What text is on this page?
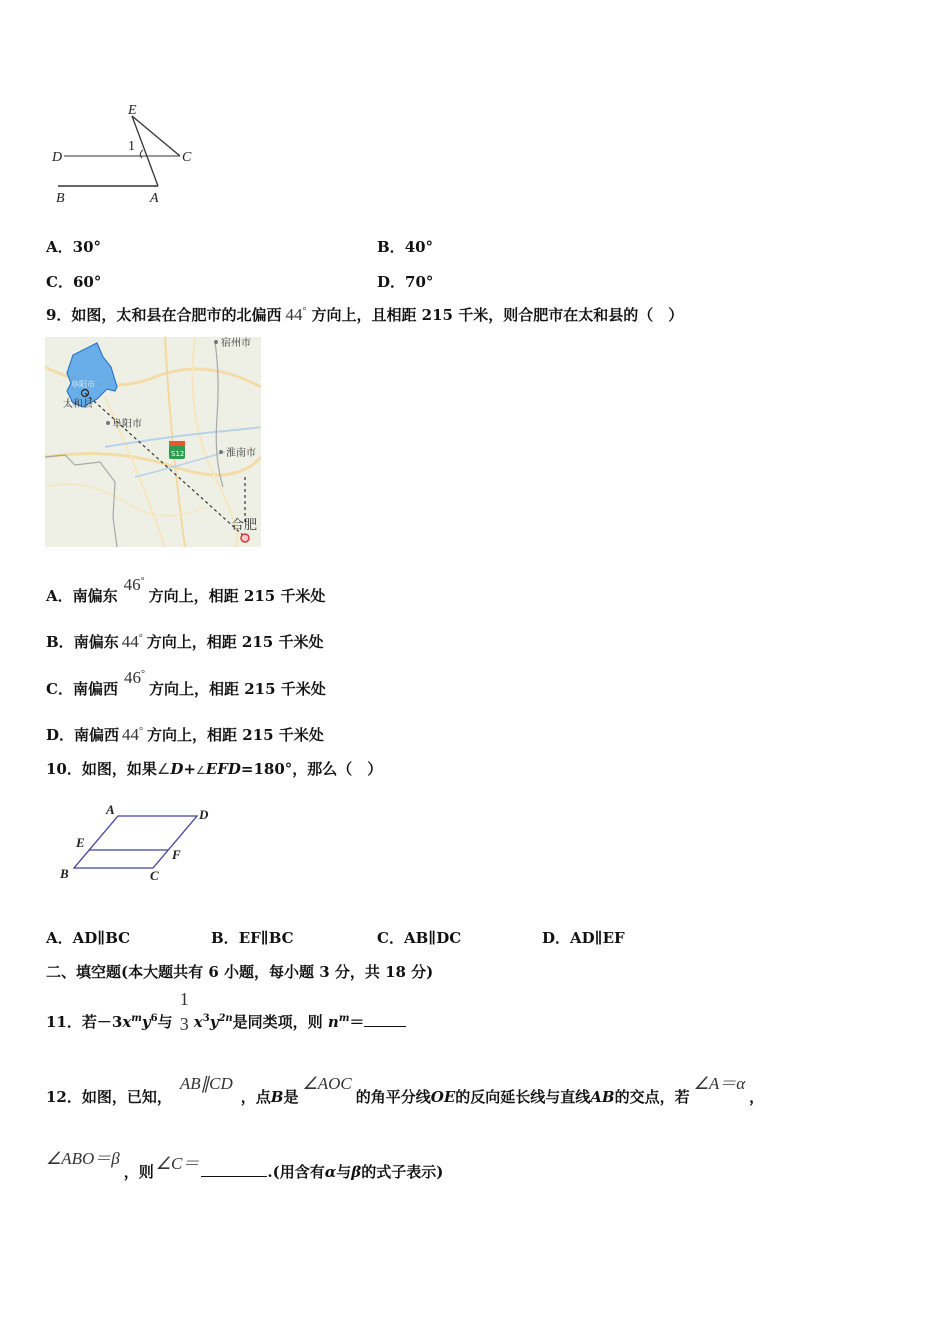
E
D	C
B	A
1
A．30°	B．40°
C．60°	D．70°
9．如图，太和县在合肥市的北偏西 44° 方向上，且相距 215 千米，则合肥市在太和县的（　）
宿州市
阜阳市
太和县
阜阳市
S12	淮南市
合肥
A．南偏东46°方向上，相距 215 千米处
B．南偏东 44° 方向上，相距 215 千米处
C．南偏西46°方向上，相距 215 千米处
D．南偏西 44° 方向上，相距 215 千米处
10．如图，如果∠D+∠EFD=180°，那么（　）
A	D
E
F
B	C
A．AD∥BC	B．EF∥BC	C．AB∥DC	D．AD∥EF
二、填空题(本大题共有 6 小题，每小题 3 分，共 18 分)
11．若$-3x^my^6$与
1
3 $x^3y^{2n}$是同类项，则 $n^m=$
12．如图，已知，AB∥CD，点B是∠AOC的角平分线OE的反向延长线与直线AB的交点，若∠A＝α，
∠ABO＝β，则 ∠C＝	.(用含有α与β的式子表示)
